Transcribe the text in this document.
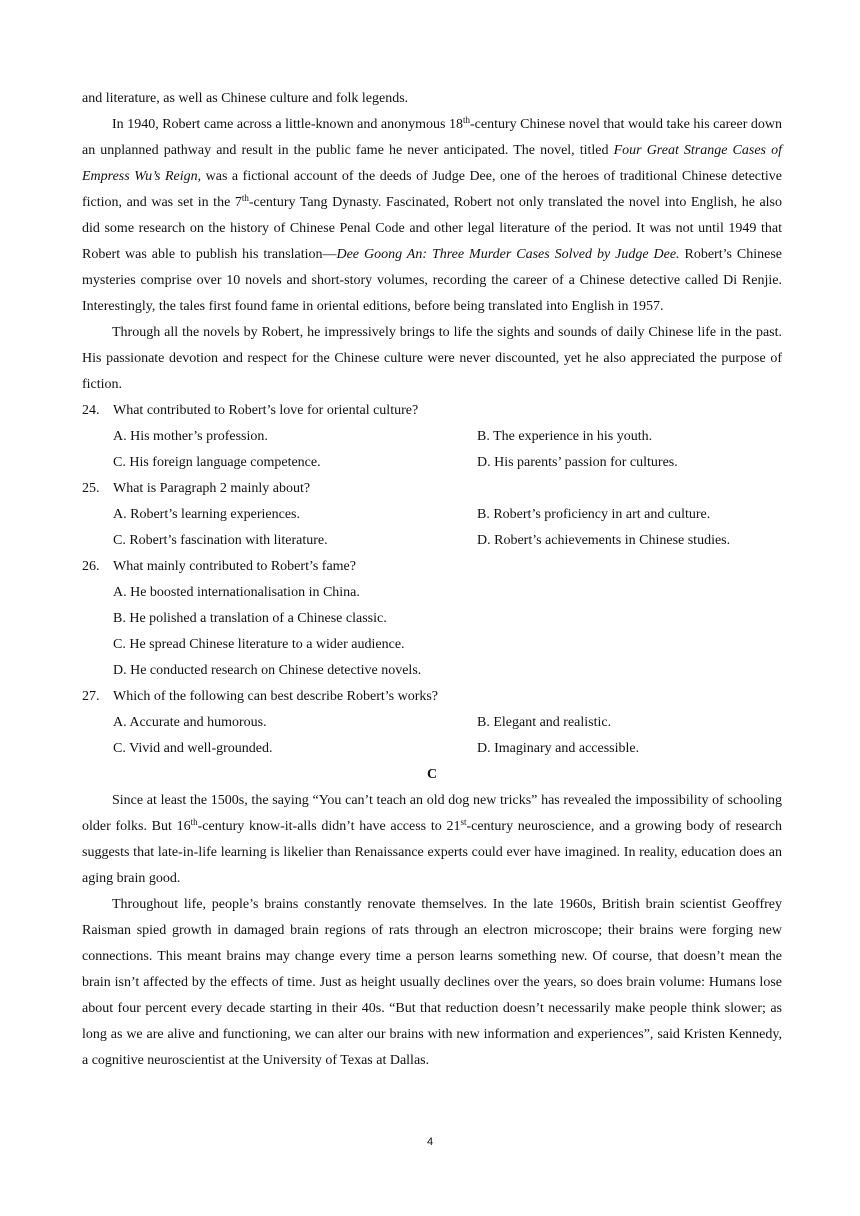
and literature, as well as Chinese culture and folk legends.

In 1940, Robert came across a little-known and anonymous 18th-century Chinese novel that would take his career down an unplanned pathway and result in the public fame he never anticipated. The novel, titled Four Great Strange Cases of Empress Wu’s Reign, was a fictional account of the deeds of Judge Dee, one of the heroes of traditional Chinese detective fiction, and was set in the 7th-century Tang Dynasty. Fascinated, Robert not only translated the novel into English, he also did some research on the history of Chinese Penal Code and other legal literature of the period. It was not until 1949 that Robert was able to publish his translation—Dee Goong An: Three Murder Cases Solved by Judge Dee. Robert’s Chinese mysteries comprise over 10 novels and short-story volumes, recording the career of a Chinese detective called Di Renjie. Interestingly, the tales first found fame in oriental editions, before being translated into English in 1957.

Through all the novels by Robert, he impressively brings to life the sights and sounds of daily Chinese life in the past. His passionate devotion and respect for the Chinese culture were never discounted, yet he also appreciated the purpose of fiction.

24. What contributed to Robert’s love for oriental culture?
A. His mother’s profession.	B. The experience in his youth.
C. His foreign language competence.	D. His parents’ passion for cultures.
25. What is Paragraph 2 mainly about?
A. Robert’s learning experiences.	B. Robert’s proficiency in art and culture.
C. Robert’s fascination with literature.	D. Robert’s achievements in Chinese studies.
26. What mainly contributed to Robert’s fame?
A. He boosted internationalisation in China.
B. He polished a translation of a Chinese classic.
C. He spread Chinese literature to a wider audience.
D. He conducted research on Chinese detective novels.
27. Which of the following can best describe Robert’s works?
A. Accurate and humorous.	B. Elegant and realistic.
C. Vivid and well-grounded.	D. Imaginary and accessible.
C

Since at least the 1500s, the saying “You can’t teach an old dog new tricks” has revealed the impossibility of schooling older folks. But 16th-century know-it-alls didn’t have access to 21st-century neuroscience, and a growing body of research suggests that late-in-life learning is likelier than Renaissance experts could ever have imagined. In reality, education does an aging brain good.

Throughout life, people’s brains constantly renovate themselves. In the late 1960s, British brain scientist Geoffrey Raisman spied growth in damaged brain regions of rats through an electron microscope; their brains were forging new connections. This meant brains may change every time a person learns something new. Of course, that doesn’t mean the brain isn’t affected by the effects of time. Just as height usually declines over the years, so does brain volume: Humans lose about four percent every decade starting in their 40s. “But that reduction doesn’t necessarily make people think slower; as long as we are alive and functioning, we can alter our brains with new information and experiences”, said Kristen Kennedy, a cognitive neuroscientist at the University of Texas at Dallas.

4
